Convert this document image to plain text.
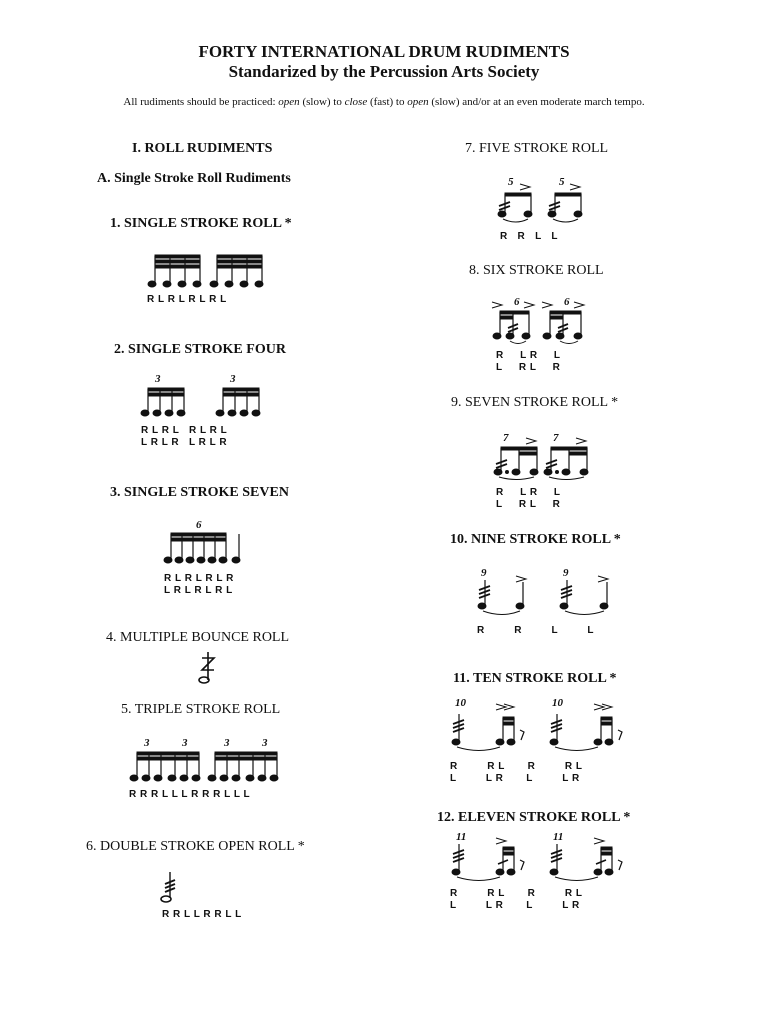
FORTY INTERNATIONAL DRUM RUDIMENTS
Standarized by the Percussion Arts Society
All rudiments should be practiced: open (slow) to close (fast) to open (slow) and/or at an even moderate march tempo.
I. ROLL RUDIMENTS
A. Single Stroke Roll Rudiments
1. SINGLE STROKE ROLL *
R L R L R L R L
2. SINGLE STROKE FOUR
3	3
R L R L   R L R L
L R L R   L R L R
3. SINGLE STROKE SEVEN
6
R L R L R L R
L R L R L R L
4. MULTIPLE BOUNCE ROLL
5. TRIPLE STROKE ROLL
3	3	3	3
R R R L L L R R R L L L
6. DOUBLE STROKE OPEN ROLL *
R R L L R R L L
7. FIVE STROKE ROLL
5	5
R   R   L   L
8. SIX STROKE ROLL
6	6
R     L R     L
L     R L     R
9. SEVEN STROKE ROLL *
7	7
R     L R     L
L     R L     R
10. NINE STROKE ROLL *
9	9
R         R         L         L
11. TEN STROKE ROLL *
10	10
R         R L       R         R L
L         L R       L         L R
12. ELEVEN STROKE ROLL *
11	11
R         R L       R         R L
L         L R       L         L R
